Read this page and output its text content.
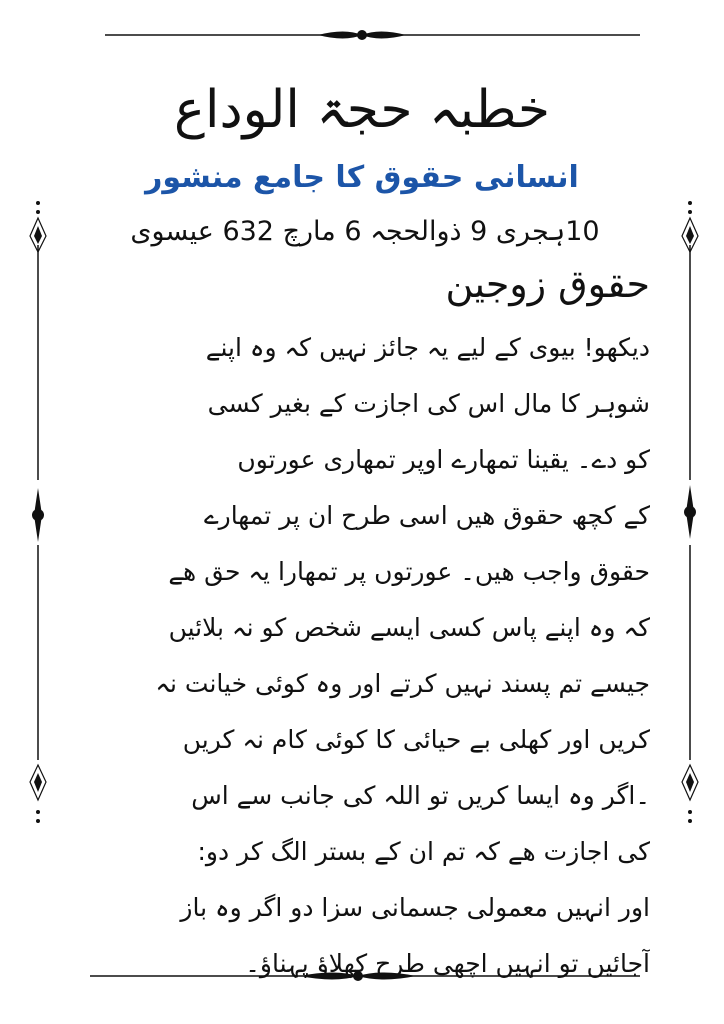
خطبہ حجۃ الوداع
انسانی حقوق کا جامع منشور
10ہجری 9 ذوالحجہ 6 مارچ 632 عیسوی
حقوق زوجین
دیکھو! بیوی کے لیے یہ جائز نہیں کہ وہ اپنے
شوہر کا مال اس کی اجازت کے بغیر کسی
کو دے۔ یقینا تمھارے اوپر تمھاری عورتوں
کے کچھ حقوق ھیں اسی طرح ان پر تمھارے
حقوق واجب ھیں۔ عورتوں پر تمھارا یہ حق ھے
کہ وہ اپنے پاس کسی ایسے شخص کو نہ بلائیں
جیسے تم پسند نہیں کرتے اور وہ کوئی خیانت نہ
کریں اور کھلی بے حیائی کا کوئی کام نہ کریں
۔اگر وہ ایسا کریں تو اللہ کی جانب سے اس
کی اجازت ھے کہ تم ان کے بستر الگ کر دو:
اور انہیں معمولی جسمانی سزا دو اگر وہ باز
آجائیں تو انہیں اچھی طرح کھلاؤ پہناؤ۔
